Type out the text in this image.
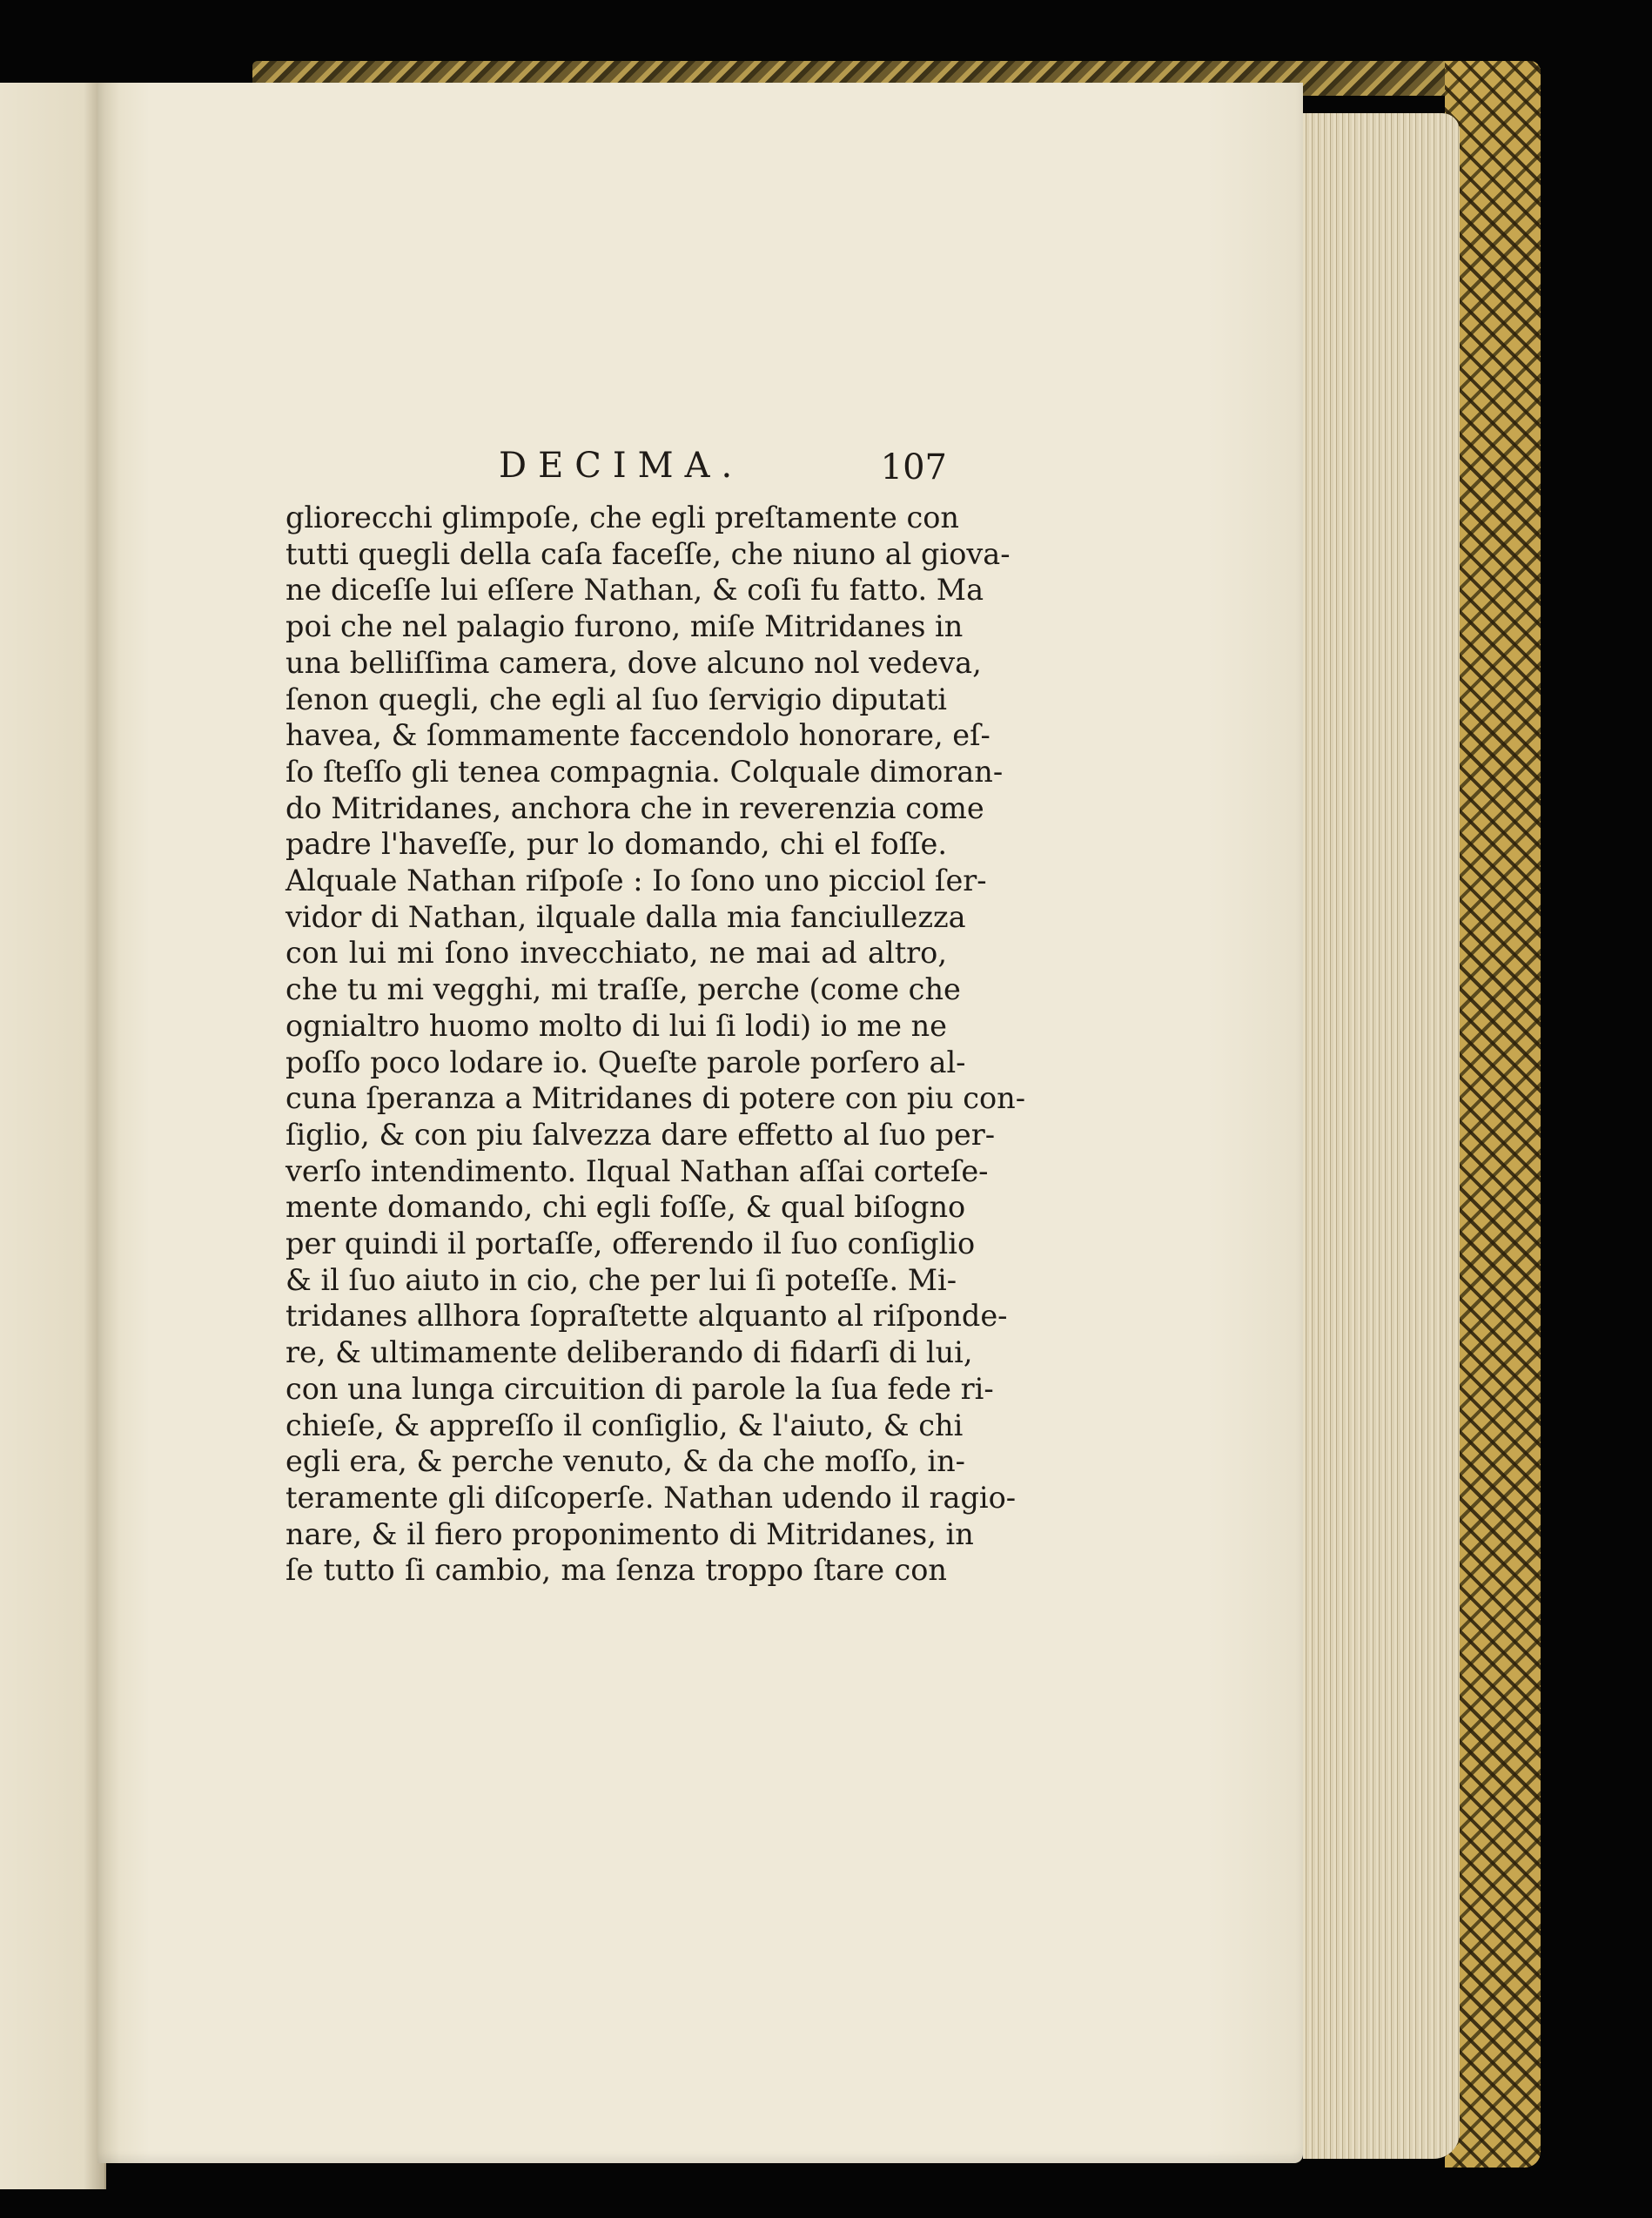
DECIMA.	107
gliorecchi glimpoſe, che egli preſtamente con
tutti quegli della caſa faceſſe, che niuno al giova-
ne diceſſe lui eſſere Nathan, & coſi fu fatto. Ma
poi che nel palagio furono, miſe Mitridanes in
una belliſſima camera, dove alcuno nol vedeva,
ſenon quegli, che egli al ſuo ſervigio diputati
havea, & ſommamente faccendolo honorare, eſ-
ſo ſteſſo gli tenea compagnia. Colquale dimoran-
do Mitridanes, anchora che in reverenzia come
padre l'haveſſe, pur lo domando, chi el foſſe.
Alquale Nathan riſpoſe : Io ſono uno picciol ſer-
vidor di Nathan, ilquale dalla mia fanciullezza
con lui mi ſono invecchiato, ne mai ad altro,
che tu mi vegghi, mi traſſe, perche (come che
ognialtro huomo molto di lui ſi lodi) io me ne
poſſo poco lodare io. Queſte parole porſero al-
cuna ſperanza a Mitridanes di potere con piu con-
ſiglio, & con piu ſalvezza dare effetto al ſuo per-
verſo intendimento. Ilqual Nathan aſſai corteſe-
mente domando, chi egli foſſe, & qual biſogno
per quindi il portaſſe, offerendo il ſuo conſiglio
& il ſuo aiuto in cio, che per lui ſi poteſſe. Mi-
tridanes allhora ſopraſtette alquanto al riſponde-
re, & ultimamente deliberando di fidarſi di lui,
con una lunga circuition di parole la ſua fede ri-
chieſe, & appreſſo il conſiglio, & l'aiuto, & chi
egli era, & perche venuto, & da che moſſo, in-
teramente gli diſcoperſe. Nathan udendo il ragio-
nare, & il fiero proponimento di Mitridanes, in
ſe tutto ſi cambio, ma ſenza troppo ſtare con
